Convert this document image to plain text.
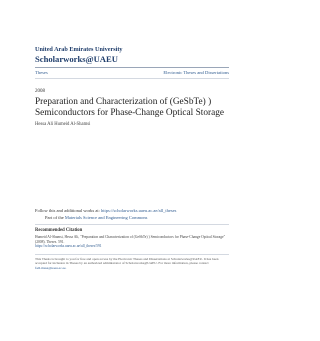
United Arab Emirates University
Scholarworks@UAEU
Theses	Electronic Theses and Dissertations
2008
Preparation and Characterization of (GeSbTe) ) Semiconductors for Phase-Change Optical Storage
Hessa Ali Humeid Al-Shamsi
Follow this and additional works at: https://scholarworks.uaeu.ac.ae/all_theses
Part of the Materials Science and Engineering Commons
Recommended Citation
Humeid Al-Shamsi, Hessa Ali, "Preparation and Characterization of (GeSbTe) ) Semiconductors for Phase-Change Optical Storage" (2008). Theses. 591.
https://scholarworks.uaeu.ac.ae/all_theses/591
This Thesis is brought to you for free and open access by the Electronic Theses and Dissertations at Scholarworks@UAEU. It has been accepted for inclusion in Theses by an authorized administrator of Scholarworks@UAEU. For more information, please contact fadl.musa@uaeu.ac.ae.
